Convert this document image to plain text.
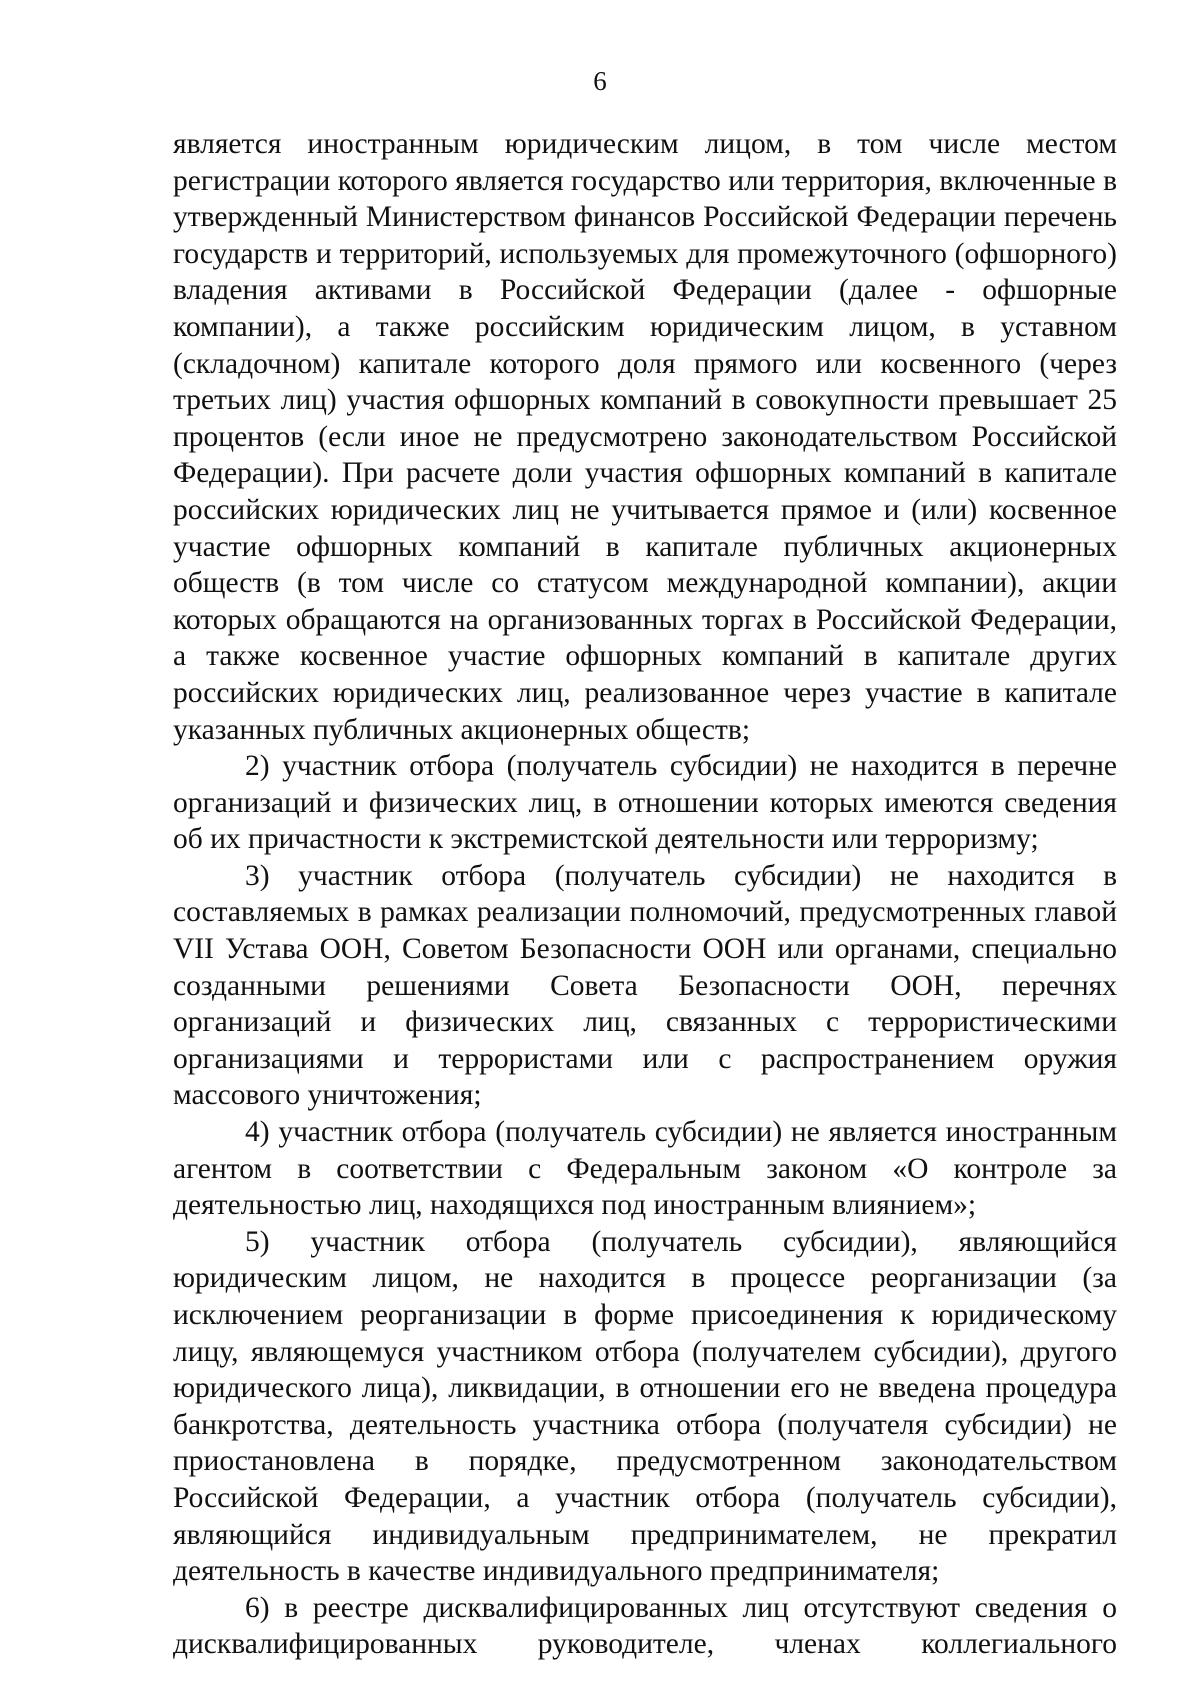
6

является иностранным юридическим лицом, в том числе местом регистрации которого является государство или территория, включенные в утвержденный Министерством финансов Российской Федерации перечень государств и территорий, используемых для промежуточного (офшорного) владения активами в Российской Федерации (далее - офшорные компании), а также российским юридическим лицом, в уставном (складочном) капитале которого доля прямого или косвенного (через третьих лиц) участия офшорных компаний в совокупности превышает 25 процентов (если иное не предусмотрено законодательством Российской Федерации). При расчете доли участия офшорных компаний в капитале российских юридических лиц не учитывается прямое и (или) косвенное участие офшорных компаний в капитале публичных акционерных обществ (в том числе со статусом международной компании), акции которых обращаются на организованных торгах в Российской Федерации, а также косвенное участие офшорных компаний в капитале других российских юридических лиц, реализованное через участие в капитале указанных публичных акционерных обществ;

2) участник отбора (получатель субсидии) не находится в перечне организаций и физических лиц, в отношении которых имеются сведения об их причастности к экстремистской деятельности или терроризму;

3) участник отбора (получатель субсидии) не находится в составляемых в рамках реализации полномочий, предусмотренных главой VII Устава ООН, Советом Безопасности ООН или органами, специально созданными решениями Совета Безопасности ООН, перечнях организаций и физических лиц, связанных с террористическими организациями и террористами или с распространением оружия массового уничтожения;

4) участник отбора (получатель субсидии) не является иностранным агентом в соответствии с Федеральным законом «О контроле за деятельностью лиц, находящихся под иностранным влиянием»;

5) участник отбора (получатель субсидии), являющийся юридическим лицом, не находится в процессе реорганизации (за исключением реорганизации в форме присоединения к юридическому лицу, являющемуся участником отбора (получателем субсидии), другого юридического лица), ликвидации, в отношении его не введена процедура банкротства, деятельность участника отбора (получателя субсидии) не приостановлена в порядке, предусмотренном законодательством Российской Федерации, а участник отбора (получатель субсидии), являющийся индивидуальным предпринимателем, не прекратил деятельность в качестве индивидуального предпринимателя;

6) в реестре дисквалифицированных лиц отсутствуют сведения о дисквалифицированных руководителе, членах коллегиального
